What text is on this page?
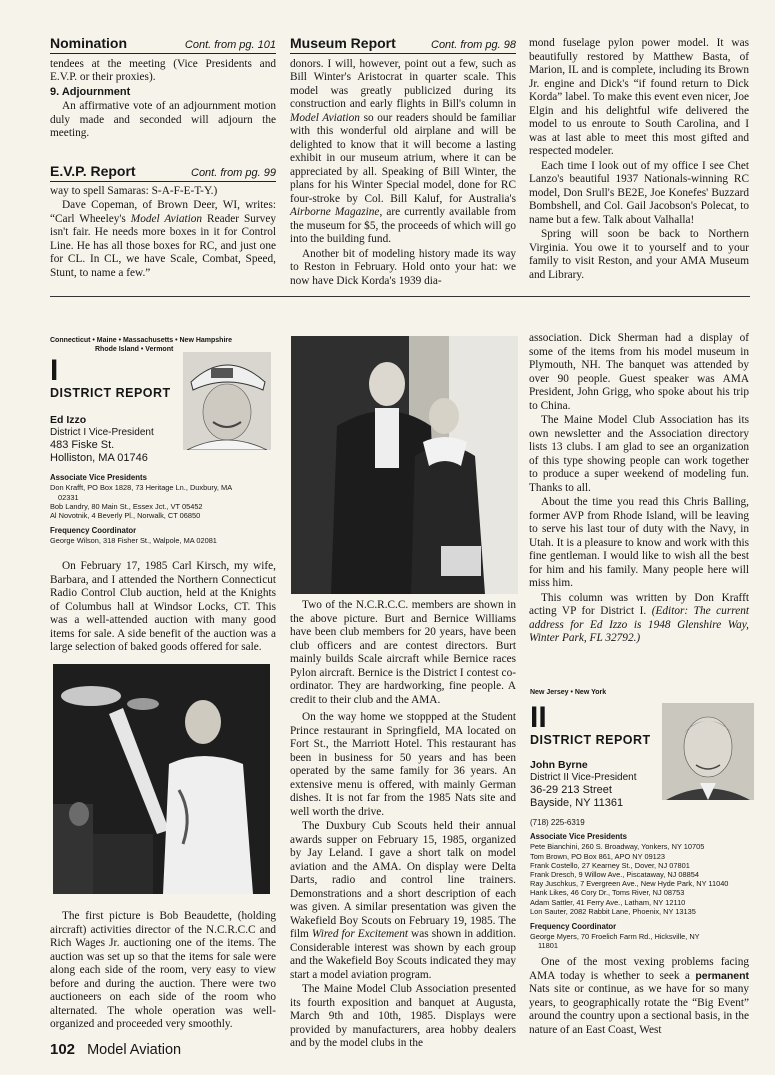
Nomination	Cont. from pg. 101

tendees at the meeting (Vice Presidents and E.V.P. or their proxies).

9. Adjournment

An affirmative vote of an adjournment motion duly made and seconded will adjourn the meeting.

E.V.P. Report	Cont. from pg. 99

way to spell Samaras: S-A-F-E-T-Y.)

Dave Copeman, of Brown Deer, WI, writes: “Carl Wheeley's Model Aviation Reader Survey isn't fair. He needs more boxes in it for Control Line. He has all those boxes for RC, and just one for CL. In CL, we have Scale, Combat, Speed, Stunt, to name a few.”

Museum Report	Cont. from pg. 98

donors. I will, however, point out a few, such as Bill Winter's Aristocrat in quarter scale. This model was greatly publicized during its construction and early flights in Bill's column in Model Aviation so our readers should be familiar with this wonderful old airplane and will be delighted to know that it will become a lasting exhibit in our museum atrium, where it can be appreciated by all. Speaking of Bill Winter, the plans for his Winter Special model, done for RC four-stroke by Col. Bill Kaluf, for Australia's Airborne Magazine, are currently available from the museum for $5, the proceeds of which will go into the building fund.

Another bit of modeling history made its way to Reston in February. Hold onto your hat: we now have Dick Korda's 1939 dia-

mond fuselage pylon power model. It was beautifully restored by Matthew Basta, of Marion, IL and is complete, including its Brown Jr. engine and Dick's “if found return to Dick Korda” label. To make this event even nicer, Joe Elgin and his delightful wife delivered the model to us enroute to South Carolina, and I was at last able to meet this most gifted and respected modeler.

Each time I look out of my office I see Chet Lanzo's beautiful 1937 Nationals-winning RC model, Don Srull's BE2E, Joe Konefes' Buzzard Bombshell, and Col. Gail Jacobson's Polecat, to name but a few. Talk about Valhalla!

Spring will soon be back to Northern Virginia. You owe it to yourself and to your family to visit Reston, and your AMA Museum and Library.

Connecticut • Maine • Massachusetts • New Hampshire
Rhode Island • Vermont
I
DISTRICT REPORT
Ed Izzo
District I Vice-President
483 Fiske St.
Holliston, MA 01746
Associate Vice Presidents
Don Krafft, PO Box 1828, 73 Heritage Ln., Duxbury, MA
02331
Bob Landry, 80 Main St., Essex Jct., VT 05452
Al Novotnik, 4 Beverly Pl., Norwalk, CT 06850
Frequency Coordinator
George Wilson, 318 Fisher St., Walpole, MA 02081

On February 17, 1985 Carl Kirsch, my wife, Barbara, and I attended the Northern Connecticut Radio Control Club auction, held at the Knights of Columbus hall at Windsor Locks, CT. This was a well-attended auction with many good items for sale. A side benefit of the auction was a large selection of baked goods offered for sale.

The first picture is Bob Beaudette, (holding aircraft) activities director of the N.C.R.C.C and Rich Wages Jr. auctioning one of the items. The auction was set up so that the items for sale were along each side of the room, very easy to view before and during the auction. There were two auctioneers on each side of the room who alternated. The whole operation was well-organized and proceeded very smoothly.

Two of the N.C.R.C.C. members are shown in the above picture. Burt and Bernice Williams have been club members for 20 years, have been club officers and are contest directors. Burt mainly builds Scale aircraft while Bernice races Pylon aircraft. Bernice is the District I contest co-ordinator. They are hardworking, fine people. A credit to their club and the AMA.

On the way home we stoppped at the Student Prince restaurant in Springfield, MA located on Fort St., the Marriott Hotel. This restaurant has been in business for 50 years and has been operated by the same family for 36 years. An extensive menu is offered, with mainly German dishes. It is not far from the 1985 Nats site and well worth the drive.

The Duxbury Cub Scouts held their annual awards supper on February 15, 1985, organized by Jay Leland. I gave a short talk on model aviation and the AMA. On display were Delta Darts, radio and control line trainers. Demonstrations and a short description of each was given. A similar presentation was given the Wakefield Boy Scouts on February 19, 1985. The film Wired for Excitement was shown in addition. Considerable interest was shown by each group and the Wakefield Boy Scouts indicated they may start a model aviation program.

The Maine Model Club Association presented its fourth exposition and banquet at Augusta, March 9th and 10th, 1985. Displays were provided by manufacturers, area hobby dealers and by the model clubs in the

association. Dick Sherman had a display of some of the items from his model museum in Plymouth, NH. The banquet was attended by over 90 people. Guest speaker was AMA President, John Grigg, who spoke about his trip to China.

The Maine Model Club Association has its own newsletter and the Association directory lists 13 clubs. I am glad to see an organization of this type showing people can work together to produce a super weekend of modeling fun. Thanks to all.

About the time you read this Chris Balling, former AVP from Rhode Island, will be leaving to serve his last tour of duty with the Navy, in Utah. It is a pleasure to know and work with this fine gentleman. I would like to wish all the best for him and his family. Many people here will miss him.

This column was written by Don Krafft acting VP for District I. (Editor: The current address for Ed Izzo is 1948 Glenshire Way, Winter Park, FL 32792.)

New Jersey • New York
II
DISTRICT REPORT
John Byrne
District II Vice-President
36-29 213 Street
Bayside, NY 11361
(718) 225-6319
Associate Vice Presidents
Pete Bianchini, 260 S. Broadway, Yonkers, NY 10705
Tom Brown, PO Box 861, APO NY 09123
Frank Costello, 27 Kearney St., Dover, NJ 07801
Frank Dresch, 9 Willow Ave., Piscataway, NJ 08854
Ray Juschkus, 7 Evergreen Ave., New Hyde Park, NY 11040
Hank Likes, 46 Cory Dr., Toms River, NJ 08753
Adam Sattler, 41 Ferry Ave., Latham, NY 12110
Lon Sauter, 2082 Rabbit Lane, Phoenix, NY 13135
Frequency Coordinator
George Myers, 70 Froelich Farm Rd., Hicksville, NY
11801

One of the most vexing problems facing AMA today is whether to seek a permanent Nats site or continue, as we have for so many years, to geographically rotate the “Big Event” around the country upon a sectional basis, in the nature of an East Coast, West

102 Model Aviation
